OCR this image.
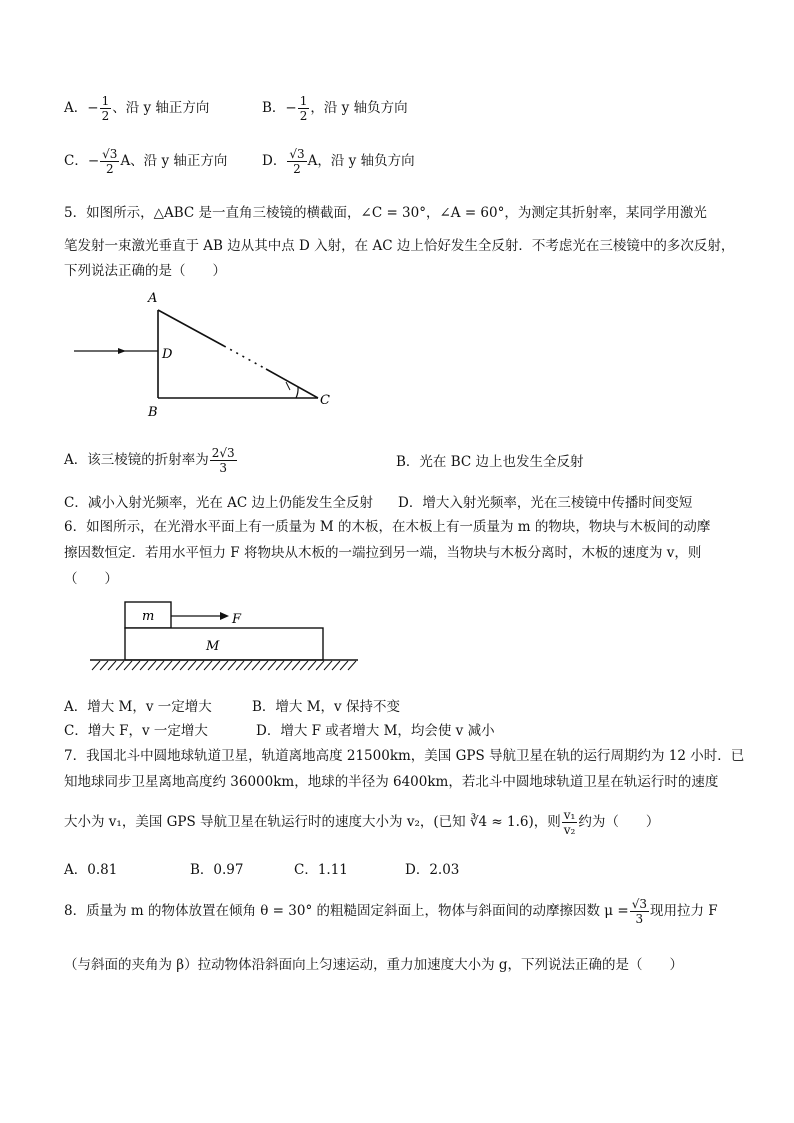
A．− $\frac{1}{2}$ 、沿 y 轴正方向	B．− $\frac{1}{2}$ ，沿 y 轴负方向
C．− $\frac{√3}{2}$ A、沿 y 轴正方向	D． $\frac{√3}{2}$ A，沿 y 轴负方向
5．如图所示，△ABC 是一直角三棱镜的横截面，∠C = 30°，∠A = 60°，为测定其折射率，某同学用激光
笔发射一束激光垂直于 AB 边从其中点 D 入射，在 AC 边上恰好发生全反射．不考虑光在三棱镜中的多次反射，
下列说法正确的是（　　）
A
D
B
C
A．该三棱镜的折射率为 $\frac{2√3}{3}$	B．光在 BC 边上也发生全反射
C．减小入射光频率，光在 AC 边上仍能发生全反射 D．增大入射光频率，光在三棱镜中传播时间变短
6．如图所示，在光滑水平面上有一质量为 M 的木板，在木板上有一质量为 m 的物块，物块与木板间的动摩
擦因数恒定．若用水平恒力 F 将物块从木板的一端拉到另一端，当物块与木板分离时，木板的速度为 v，则
（　　）
m	F
M
A．增大 M，v 一定增大	B．增大 M，v 保持不变
C．增大 F，v 一定增大	D．增大 F 或者增大 M，均会使 v 减小
7．我国北斗中圆地球轨道卫星，轨道离地高度 21500km，美国 GPS 导航卫星在轨的运行周期约为 12 小时．已
知地球同步卫星离地高度约 36000km，地球的半径为 6400km，若北斗中圆地球轨道卫星在轨运行时的速度
大小为 v₁，美国 GPS 导航卫星在轨运行时的速度大小为 v₂，(已知 ∛4 ≈ 1.6)，则 $\frac{\text{v₁}}{\text{v₂}}$ 约为（　　）
A．0.81	B．0.97	C．1.11	D．2.03
8．质量为 m 的物体放置在倾角 θ = 30° 的粗糙固定斜面上，物体与斜面间的动摩擦因数 $\mu = \frac{√3}{3}$ 现用拉力 F
（与斜面的夹角为 β）拉动物体沿斜面向上匀速运动，重力加速度大小为 g，下列说法正确的是（　　）
